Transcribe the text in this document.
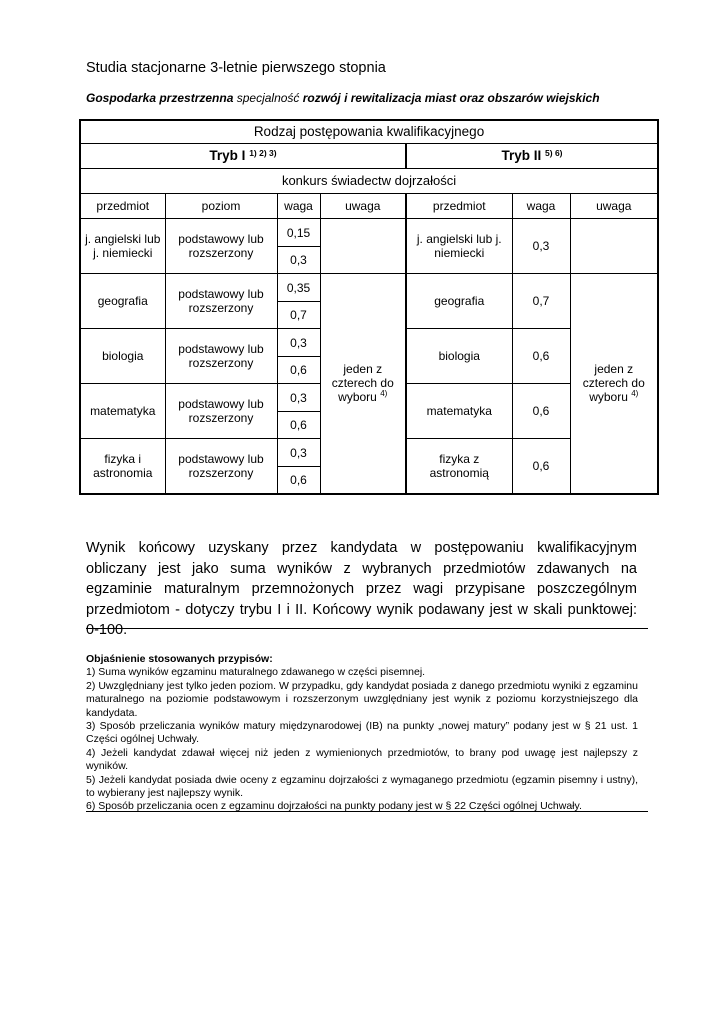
Studia stacjonarne 3-letnie pierwszego stopnia
Gospodarka przestrzenna specjalność rozwój i rewitalizacja miast oraz obszarów wiejskich
Rodzaj postępowania kwalifikacyjnego						
Tryb I $^{1) 2) 3)}$				Tryb II $^{5) 6)}$
konkurs świadectw dojrzałości						
przedmiot	poziom	waga	uwaga	przedmiot	waga	uwaga
j. angielski lub j. niemiecki	podstawowy lub rozszerzony	0,15		j. angielski lub j. niemiecki	0,3	
		0,3				
geografia	podstawowy lub rozszerzony	0,35	jeden z czterech do wyboru $^{4)}$	geografia	0,7	jeden z czterech do wyboru $^{4)}$
		0,7				
biologia	podstawowy lub rozszerzony	0,3		biologia	0,6	
		0,6				
matematyka	podstawowy lub rozszerzony	0,3		matematyka	0,6	
		0,6				
fizyka i astronomia	podstawowy lub rozszerzony	0,3		fizyka z astronomią	0,6	
		0,6				
Wynik końcowy uzyskany przez kandydata w postępowaniu kwalifikacyjnym obliczany jest jako suma wyników z wybranych przedmiotów zdawanych na egzaminie maturalnym przemnożonych przez wagi przypisane poszczególnym przedmiotom - dotyczy trybu I i II. Końcowy wynik podawany jest w skali punktowej: 0-100.

Objaśnienie stosowanych przypisów:

1) Suma wyników egzaminu maturalnego zdawanego w części pisemnej.

2) Uwzględniany jest tylko jeden poziom. W przypadku, gdy kandydat posiada z danego przedmiotu wyniki z egzaminu maturalnego na poziomie podstawowym i rozszerzonym uwzględniany jest wynik z poziomu korzystniejszego dla kandydata.

3) Sposób przeliczania wyników matury międzynarodowej (IB) na punkty „nowej matury” podany jest w § 21 ust. 1 Części ogólnej Uchwały.

4) Jeżeli kandydat zdawał więcej niż jeden z wymienionych przedmiotów, to brany pod uwagę jest najlepszy z wyników.

5) Jeżeli kandydat posiada dwie oceny z egzaminu dojrzałości z wymaganego przedmiotu (egzamin pisemny i ustny), to wybierany jest najlepszy wynik.

6) Sposób przeliczania ocen z egzaminu dojrzałości na punkty podany jest w § 22 Części ogólnej Uchwały.
